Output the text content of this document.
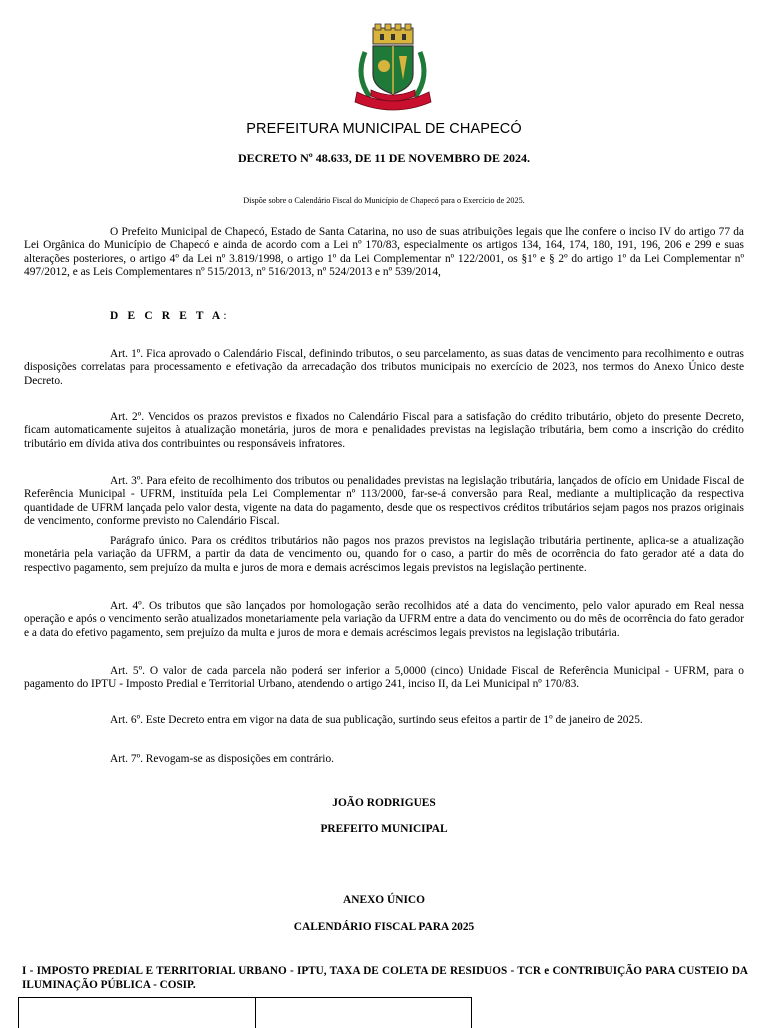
PREFEITURA MUNICIPAL DE CHAPECÓ
DECRETO Nº 48.633, DE 11 DE NOVEMBRO DE 2024.
Dispõe sobre o Calendário Fiscal do Município de Chapecó para o Exercício de 2025.

O Prefeito Municipal de Chapecó, Estado de Santa Catarina, no uso de suas atribuições legais que lhe confere o inciso IV do artigo 77 da Lei Orgânica do Município de Chapecó e ainda de acordo com a Lei nº 170/83, especialmente os artigos 134, 164, 174, 180, 191, 196, 206 e 299 e suas alterações posteriores, o artigo 4º da Lei nº 3.819/1998, o artigo 1º da Lei Complementar nº 122/2001, os §1º e § 2º do artigo 1º da Lei Complementar nº 497/2012, e as Leis Complementares nº 515/2013, nº 516/2013, nº 524/2013 e nº 539/2014,

D E C R E T A:

Art. 1º. Fica aprovado o Calendário Fiscal, definindo tributos, o seu parcelamento, as suas datas de vencimento para recolhimento e outras disposições correlatas para processamento e efetivação da arrecadação dos tributos municipais no exercício de 2023, nos termos do Anexo Único deste Decreto.

Art. 2º. Vencidos os prazos previstos e fixados no Calendário Fiscal para a satisfação do crédito tributário, objeto do presente Decreto, ficam automaticamente sujeitos à atualização monetária, juros de mora e penalidades previstas na legislação tributária, bem como a inscrição do crédito tributário em dívida ativa dos contribuintes ou responsáveis infratores.

Art. 3º. Para efeito de recolhimento dos tributos ou penalidades previstas na legislação tributária, lançados de ofício em Unidade Fiscal de Referência Municipal - UFRM, instituída pela Lei Complementar nº 113/2000, far-se-á conversão para Real, mediante a multiplicação da respectiva quantidade de UFRM lançada pelo valor desta, vigente na data do pagamento, desde que os respectivos créditos tributários sejam pagos nos prazos originais de vencimento, conforme previsto no Calendário Fiscal.

Parágrafo único. Para os créditos tributários não pagos nos prazos previstos na legislação tributária pertinente, aplica-se a atualização monetária pela variação da UFRM, a partir da data de vencimento ou, quando for o caso, a partir do mês de ocorrência do fato gerador até a data do respectivo pagamento, sem prejuízo da multa e juros de mora e demais acréscimos legais previstos na legislação pertinente.

Art. 4º. Os tributos que são lançados por homologação serão recolhidos até a data do vencimento, pelo valor apurado em Real nessa operação e após o vencimento serão atualizados monetariamente pela variação da UFRM entre a data do vencimento ou do mês de ocorrência do fato gerador e a data do efetivo pagamento, sem prejuízo da multa e juros de mora e demais acréscimos legais previstos na legislação tributária.

Art. 5º. O valor de cada parcela não poderá ser inferior a 5,0000 (cinco) Unidade Fiscal de Referência Municipal - UFRM, para o pagamento do IPTU - Imposto Predial e Territorial Urbano, atendendo o artigo 241, inciso II, da Lei Municipal nº 170/83.

Art. 6º. Este Decreto entra em vigor na data de sua publicação, surtindo seus efeitos a partir de 1º de janeiro de 2025.

Art. 7º. Revogam-se as disposições em contrário.

JOÃO RODRIGUES
PREFEITO MUNICIPAL
ANEXO ÚNICO
CALENDÁRIO FISCAL PARA 2025

I - IMPOSTO PREDIAL E TERRITORIAL URBANO - IPTU, TAXA DE COLETA DE RESIDUOS - TCR e CONTRIBUIÇÃO PARA CUSTEIO DA ILUMINAÇÃO PÚBLICA - COSIP.
